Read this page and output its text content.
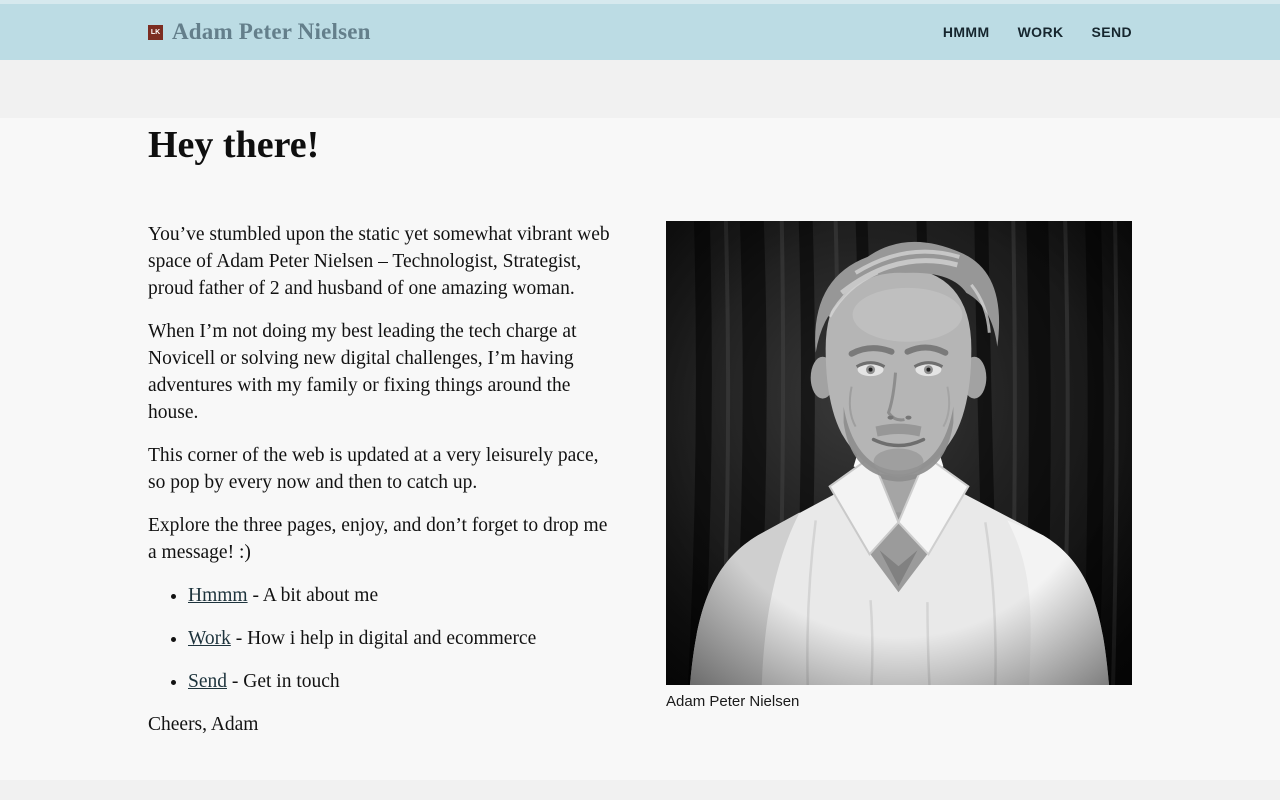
LK Adam Peter Nielsen	HMMM WORK SEND
Hey there!

You’ve stumbled upon the static yet somewhat vibrant web space of Adam Peter Nielsen – Technologist, Strategist, proud father of 2 and husband of one amazing woman.

When I’m not doing my best leading the tech charge at Novicell or solving new digital challenges, I’m having adventures with my family or fixing things around the house.

This corner of the web is updated at a very leisurely pace, so pop by every now and then to catch up.

Explore the three pages, enjoy, and don’t forget to drop me a message! :)

• Hmmm - A bit about me
• Work - How i help in digital and ecommerce
• Send - Get in touch

Cheers, Adam

Adam Peter Nielsen
